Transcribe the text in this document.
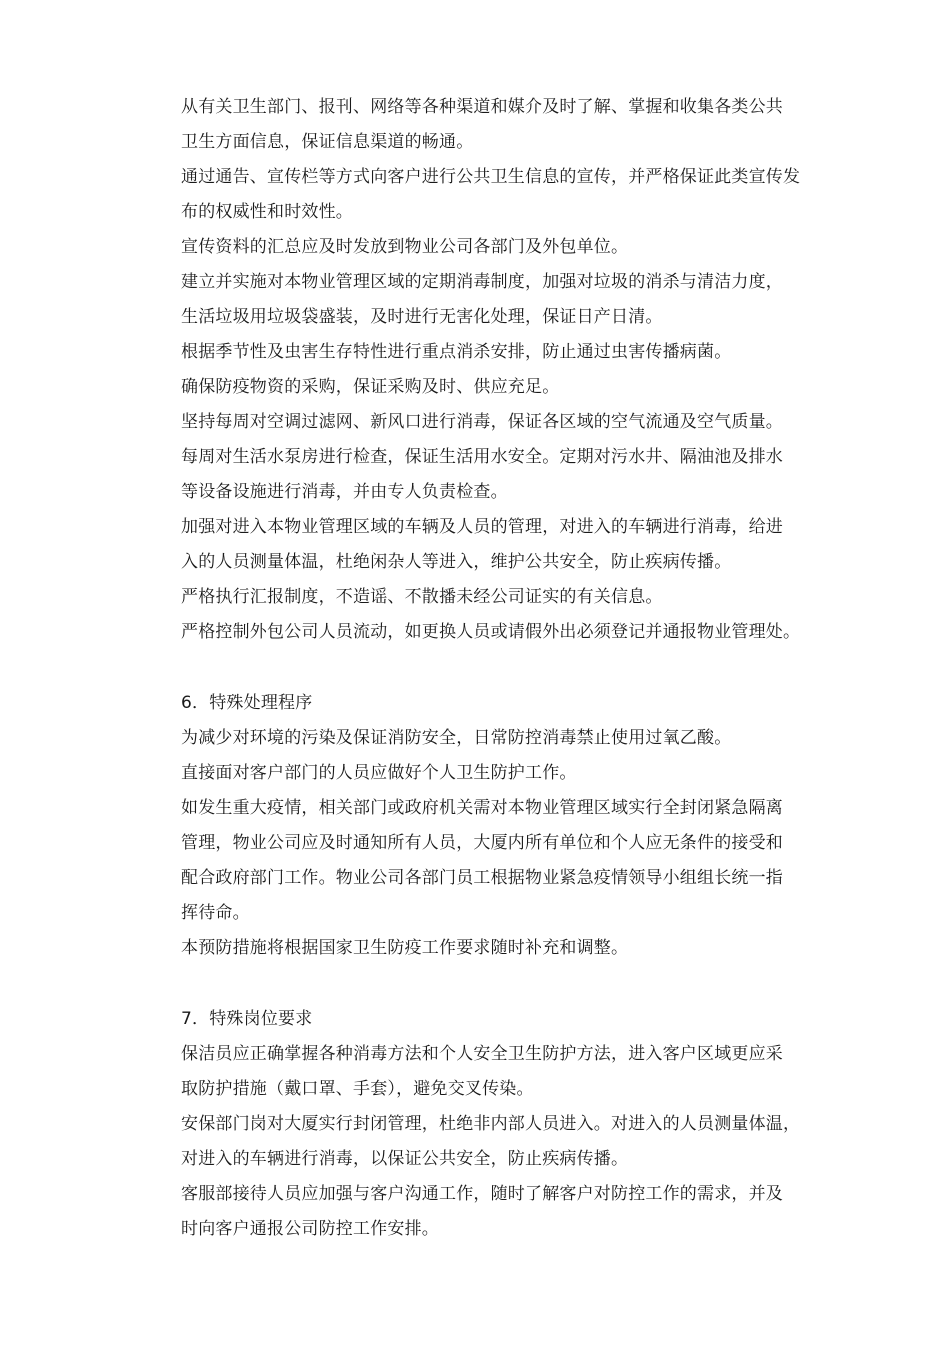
从有关卫生部门、报刊、网络等各种渠道和媒介及时了解、掌握和收集各类公共
卫生方面信息，保证信息渠道的畅通。
通过通告、宣传栏等方式向客户进行公共卫生信息的宣传，并严格保证此类宣传发
布的权威性和时效性。
宣传资料的汇总应及时发放到物业公司各部门及外包单位。
建立并实施对本物业管理区域的定期消毒制度，加强对垃圾的消杀与清洁力度，
生活垃圾用垃圾袋盛装，及时进行无害化处理，保证日产日清。
根据季节性及虫害生存特性进行重点消杀安排，防止通过虫害传播病菌。
确保防疫物资的采购，保证采购及时、供应充足。
坚持每周对空调过滤网、新风口进行消毒，保证各区域的空气流通及空气质量。
每周对生活水泵房进行检查，保证生活用水安全。定期对污水井、隔油池及排水
等设备设施进行消毒，并由专人负责检查。
加强对进入本物业管理区域的车辆及人员的管理，对进入的车辆进行消毒，给进
入的人员测量体温，杜绝闲杂人等进入，维护公共安全，防止疾病传播。
严格执行汇报制度，不造谣、不散播未经公司证实的有关信息。
严格控制外包公司人员流动，如更换人员或请假外出必须登记并通报物业管理处。
6．特殊处理程序
为减少对环境的污染及保证消防安全，日常防控消毒禁止使用过氧乙酸。
直接面对客户部门的人员应做好个人卫生防护工作。
如发生重大疫情，相关部门或政府机关需对本物业管理区域实行全封闭紧急隔离
管理，物业公司应及时通知所有人员，大厦内所有单位和个人应无条件的接受和
配合政府部门工作。物业公司各部门员工根据物业紧急疫情领导小组组长统一指
挥待命。
本预防措施将根据国家卫生防疫工作要求随时补充和调整。
7．特殊岗位要求
保洁员应正确掌握各种消毒方法和个人安全卫生防护方法，进入客户区域更应采
取防护措施（戴口罩、手套），避免交叉传染。
安保部门岗对大厦实行封闭管理，杜绝非内部人员进入。对进入的人员测量体温，
对进入的车辆进行消毒，以保证公共安全，防止疾病传播。
客服部接待人员应加强与客户沟通工作，随时了解客户对防控工作的需求，并及
时向客户通报公司防控工作安排。
